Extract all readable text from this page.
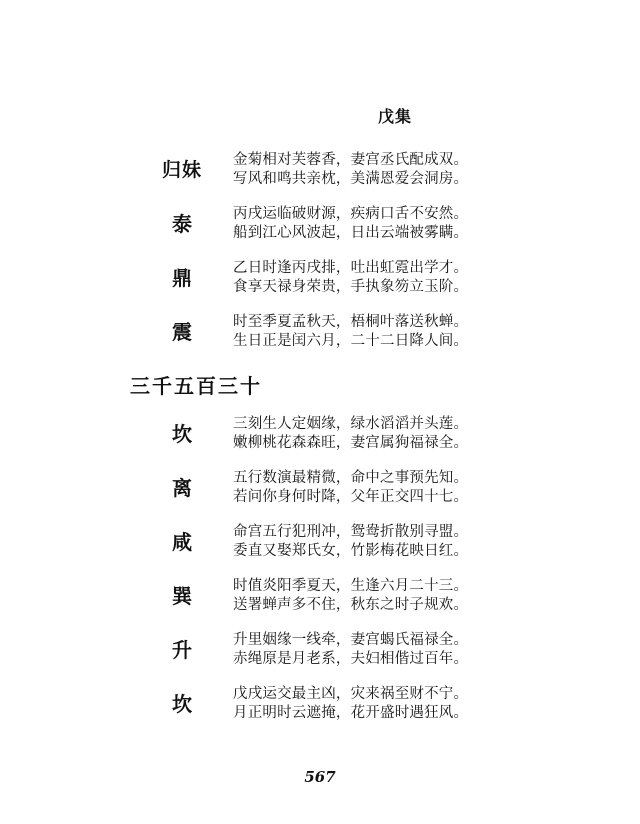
戊集
归妹 金菊相对芙蓉香，妻宫丞氏配成双。
写风和鸣共亲枕，美满恩爱会洞房。
泰	丙戌运临破财源，疾病口舌不安然。
船到江心风波起，日出云端被雾瞒。
鼎	乙日时逢丙戌排，吐出虹霓出学才。
食享天禄身荣贵，手执象笏立玉阶。
震	时至季夏孟秋天，梧桐叶落送秋蝉。
生日正是闰六月，二十二日降人间。
三千五百三十
坎	三刻生人定姻缘，绿水滔滔并头莲。
嫩柳桃花森森旺，妻宫属狗福禄全。
离	五行数演最精微，命中之事预先知。
若问你身何时降，父年正交四十七。
咸	命宫五行犯刑冲，鸳鸯折散别寻盟。
委直又娶郑氏女，竹影梅花映日红。
巽	时值炎阳季夏天，生逢六月二十三。
送署蝉声多不住，秋东之时子规欢。
升	升里姻缘一线牵，妻宫蝎氏福禄全。
赤绳原是月老系，夫妇相偕过百年。
坎	戊戌运交最主凶，灾来祸至财不宁。
月正明时云遮掩，花开盛时遇狂风。
567
